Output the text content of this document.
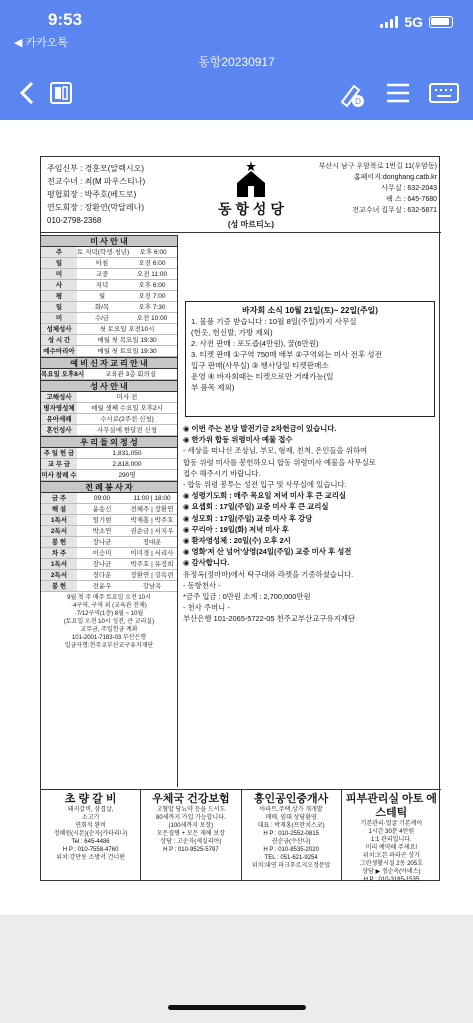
9:53	5G
◀ 카카오톡
동항20230917
D
주임신부 : 경훈모(알렉시오)
전교수녀 : 최(M 파우스티나)
평협회장 : 박주호(베드로)
연도회장 : 장환연(막달레나)
010-2798-2368
동 항 성 당
(성 마르티노)
부산시 남구 우암북로 1번길 11(우암동)
홈페이지:donghang.catb.kr
사무실 : 632-2043
팩 스 : 645-7680
전교수녀 집무실 : 632-5871
미 사 안 내
주	토 저녁(학생·청년)	오후 6:00
일	아침	오전 6:00
미	교중	오전 11:00
사	저녁	오후 6:00
평	월	오전 7:00
일	화/목	오후 7:30
미	수/금	오전 10:00
성체성사	첫 토요일 오전10시
성 시 간	매월 첫 목요일 19:30
예수마리아	매월 첫 토요일 19:30
예 비 신 자 교 리 안 내
목요일 오후8시	교육관 3층 회의실
성 사 안 내
고해성사	미사 전
병자영성체	매월 셋째 수요일 오후2시
유아세례	수시로(2주전 신청)
혼인성사	사무실에 한달전 신청
우 리 들 의 정 성
주 일 헌 금	1,831,050
교 무 금	2,818,000
미사 참례 수	290명
전 례 봉 사 자
금 주	09:00	11:00 | 18:00
해 설	윤송신	전혜주 | 장환연
1독서	엄기현	박제홍 | 박주호
2독서	박소연	권순금 | 서지우
봉 헌	장나균	정대운
차 주	이승미	이미경 | 서리사
1독서	장나균	박주호 | 유정희
2독서	정다운	장환연 | 강옥련
봉 헌	전윤우	강남옥
9월 첫 주 매주 토요일 오전 10시
·4구역, 구역 외 (교육관 전체)
·7/12구역(1층) 8월 ~ 10월
(토요일 오전 10시 성전, 큰 교리실)
교무금, 주일헌금 계좌
101-2001-7183-03 부산은행
입금자명:천주교부산교구유지재단
바자회 소식 10월 21일(토)~ 22일(주일)
1. 물품 기증 받습니다 : 10월 8일(주일)까지 사무실
(헌옷, 헌신발, 가방 제외)
2. 사전 판매 : 포도즙(4만원), 꿀(6만원)
3. 티켓 판매 ①구역 750매 배부 ②구역외는 미사 전후 성전
입구 판매(사무실) ③ 행사당일 티켓판매소
운영 ④ 바자회때는 티켓으로만 거래가능(일
부 품목 제외)
◉ 이번 주는 본당 발전기금 2차헌금이 있습니다.
◉ 한가위 합동 위령미사 예물 접수
- 세상을 떠나신 조상님, 부모, 형제, 친척, 은인들을 위하여
합동 위령 미사를 봉헌하오니 합동 위령미사 예물을 사무실로
접수 해주시기 바랍니다.
- 합동 위령 봉투는 성전 입구 및 사무실에 있습니다.
◉ 성령기도회 : 매주 목요일 저녁 미사 후 큰 교리실
◉ 요셉회 : 17일(주일) 교중 미사 후 큰 교리실
◉ 성모회 : 17일(주일) 교중 미사 후 강당
◉ 꾸리아 : 19일(화) 저녁 미사 후
◉ 환자영성체 : 20일(수) 오후 2시
◉ 영화'저 산 넘어'상영(24일(주일) 교중 미사 후 성전
◉ 감사합니다.
유정옥(정마마)에서 탁구대와 라켓을 기증하셨습니다.
- 동항천사 -
*금주 입금 : 0만원 소계 : 2,700,000만원
- 천사 주머니 -
부산은행 101-2065-5722-05 천주교부산교구유지재단
초 량 갈 비
돼지갈비, 삼겹살,
소고기
연회석 완비
정혜원(시몬)(순자(카타리나)
Tel : 645-4486
H P : 010-7558-4760
위치:강만동 소방서 건너편
우체국 건강보험
고혈압 당뇨약 등을 드셔도
80세까지 가입 가능합니다.
(100세까지 보장)
모든질병 + 모든 재해 보장
상담 : 고순자(세실리아)
H P : 010-9525-5797
흥인공인중개사
아파트,주택,상가 개개발
매매, 임대 상담환영
대표 : 박재홍(프란치스코)
H P : 010-2552-0815
권순금(수산나)
H P : 010-8535-2020
TEL : 051-621-9254
위치:대연 파크푸르지오정문앞
피부관리실 아토 에스테틱
기본관리·얼굴 기본케어
1시간 30분 4만원
1:1 관리입니다.
미리 예약해 주세요!
위치:오븐 파라곤 상가
그린생활시설 2동 205호
상담 ▶ 정순옥(아녜스)
H P : 010-3185-1535
